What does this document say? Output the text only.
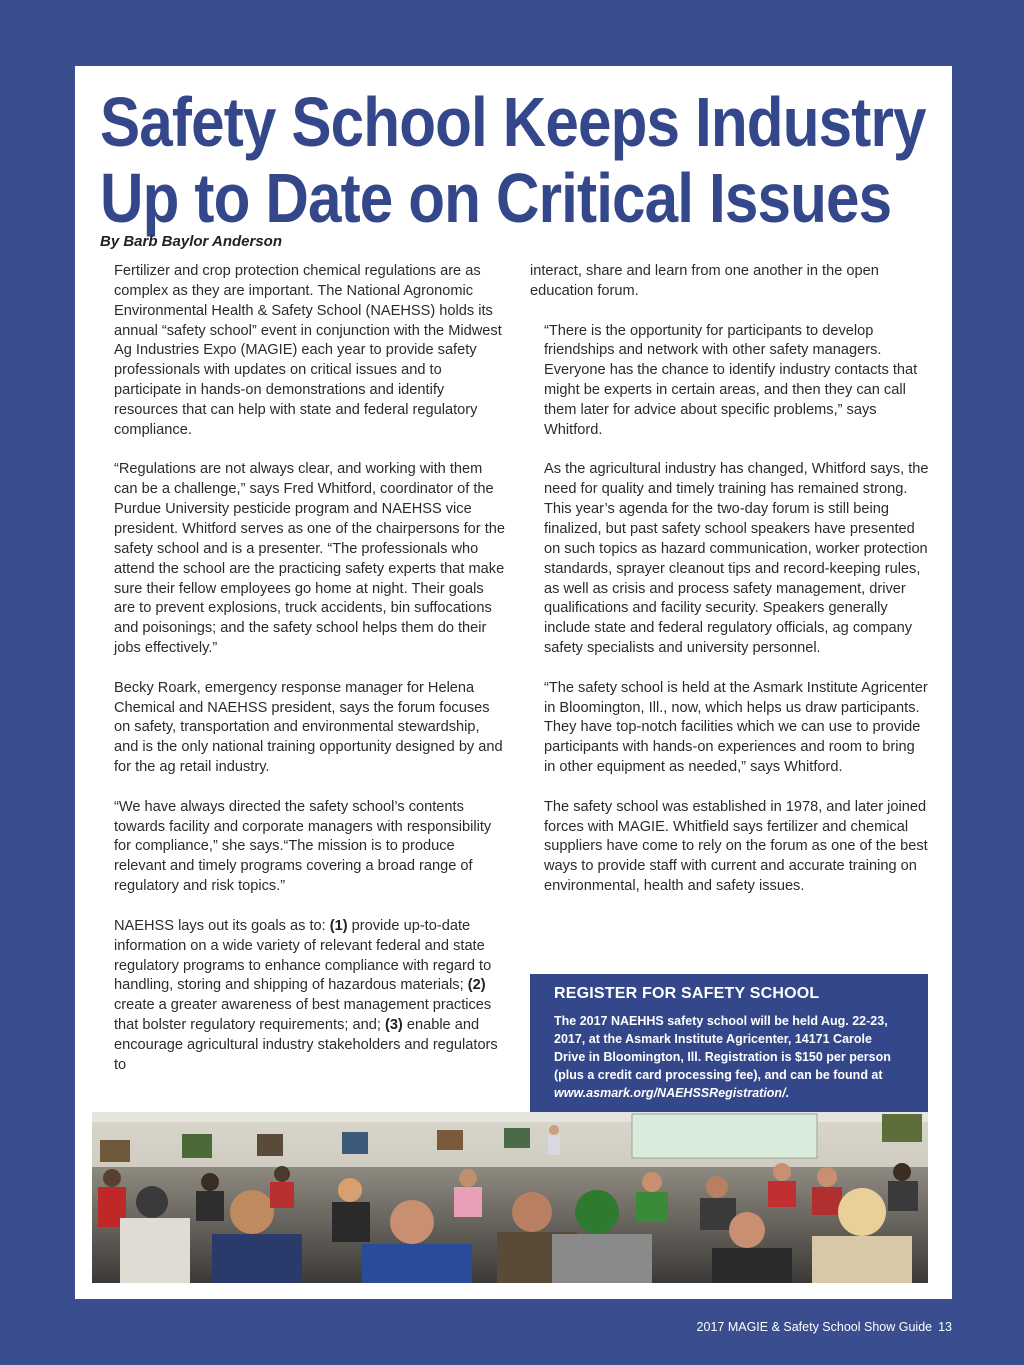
Safety School Keeps Industry
Up to Date on Critical Issues
By Barb Baylor Anderson

Fertilizer and crop protection chemical regulations are as complex as they are important. The National Agronomic Environmental Health & Safety School (NAEHSS) holds its annual “safety school” event in conjunction with the Midwest Ag Industries Expo (MAGIE) each year to provide safety professionals with updates on critical issues and to participate in hands-on demonstrations and identify resources that can help with state and federal regulatory compliance.

“Regulations are not always clear, and working with them can be a challenge,” says Fred Whitford, coordinator of the Purdue University pesticide program and NAEHSS vice president. Whitford serves as one of the chairpersons for the safety school and is a presenter. “The professionals who attend the school are the practicing safety experts that make sure their fellow employees go home at night. Their goals are to prevent explosions, truck accidents, bin suffocations and poisonings; and the safety school helps them do their jobs effectively.”

Becky Roark, emergency response manager for Helena Chemical and NAEHSS president, says the forum focuses on safety, transportation and environmental stewardship, and is the only national training opportunity designed by and for the ag retail industry.

“We have always directed the safety school’s contents towards facility and corporate managers with responsibility for compliance,” she says.“The mission is to produce relevant and timely programs covering a broad range of regulatory and risk topics.”

NAEHSS lays out its goals as to: (1) provide up-to-date information on a wide variety of relevant federal and state regulatory programs to enhance compliance with regard to handling, storing and shipping of hazardous materials; (2) create a greater awareness of best management practices that bolster regulatory requirements; and; (3) enable and encourage agricultural industry stakeholders and regulators to

interact, share and learn from one another in the open education forum.

“There is the opportunity for participants to develop friendships and network with other safety managers. Everyone has the chance to identify industry contacts that might be experts in certain areas, and then they can call them later for advice about specific problems,” says Whitford.

As the agricultural industry has changed, Whitford says, the need for quality and timely training has remained strong. This year’s agenda for the two-day forum is still being finalized, but past safety school speakers have presented on such topics as hazard communication, worker protection standards, sprayer cleanout tips and record-keeping rules, as well as crisis and process safety management, driver qualifications and facility security. Speakers generally include state and federal regulatory officials, ag company safety specialists and university personnel.

“The safety school is held at the Asmark Institute Agricenter in Bloomington, Ill., now, which helps us draw participants. They have top-notch facilities which we can use to provide participants with hands-on experiences and room to bring in other equipment as needed,” says Whitford.

The safety school was established in 1978, and later joined forces with MAGIE. Whitfield says fertilizer and chemical suppliers have come to rely on the forum as one of the best ways to provide staff with current and accurate training on environmental, health and safety issues.

REGISTER FOR SAFETY SCHOOL
The 2017 NAEHHS safety school will be held Aug. 22-23, 2017, at the Asmark Institute Agricenter, 14171 Carole Drive in Bloomington, Ill. Registration is $150 per person (plus a credit card processing fee), and can be found at www.asmark.org/NAEHSSRegistration/.
2017 MAGIE & Safety School Show Guide 13
